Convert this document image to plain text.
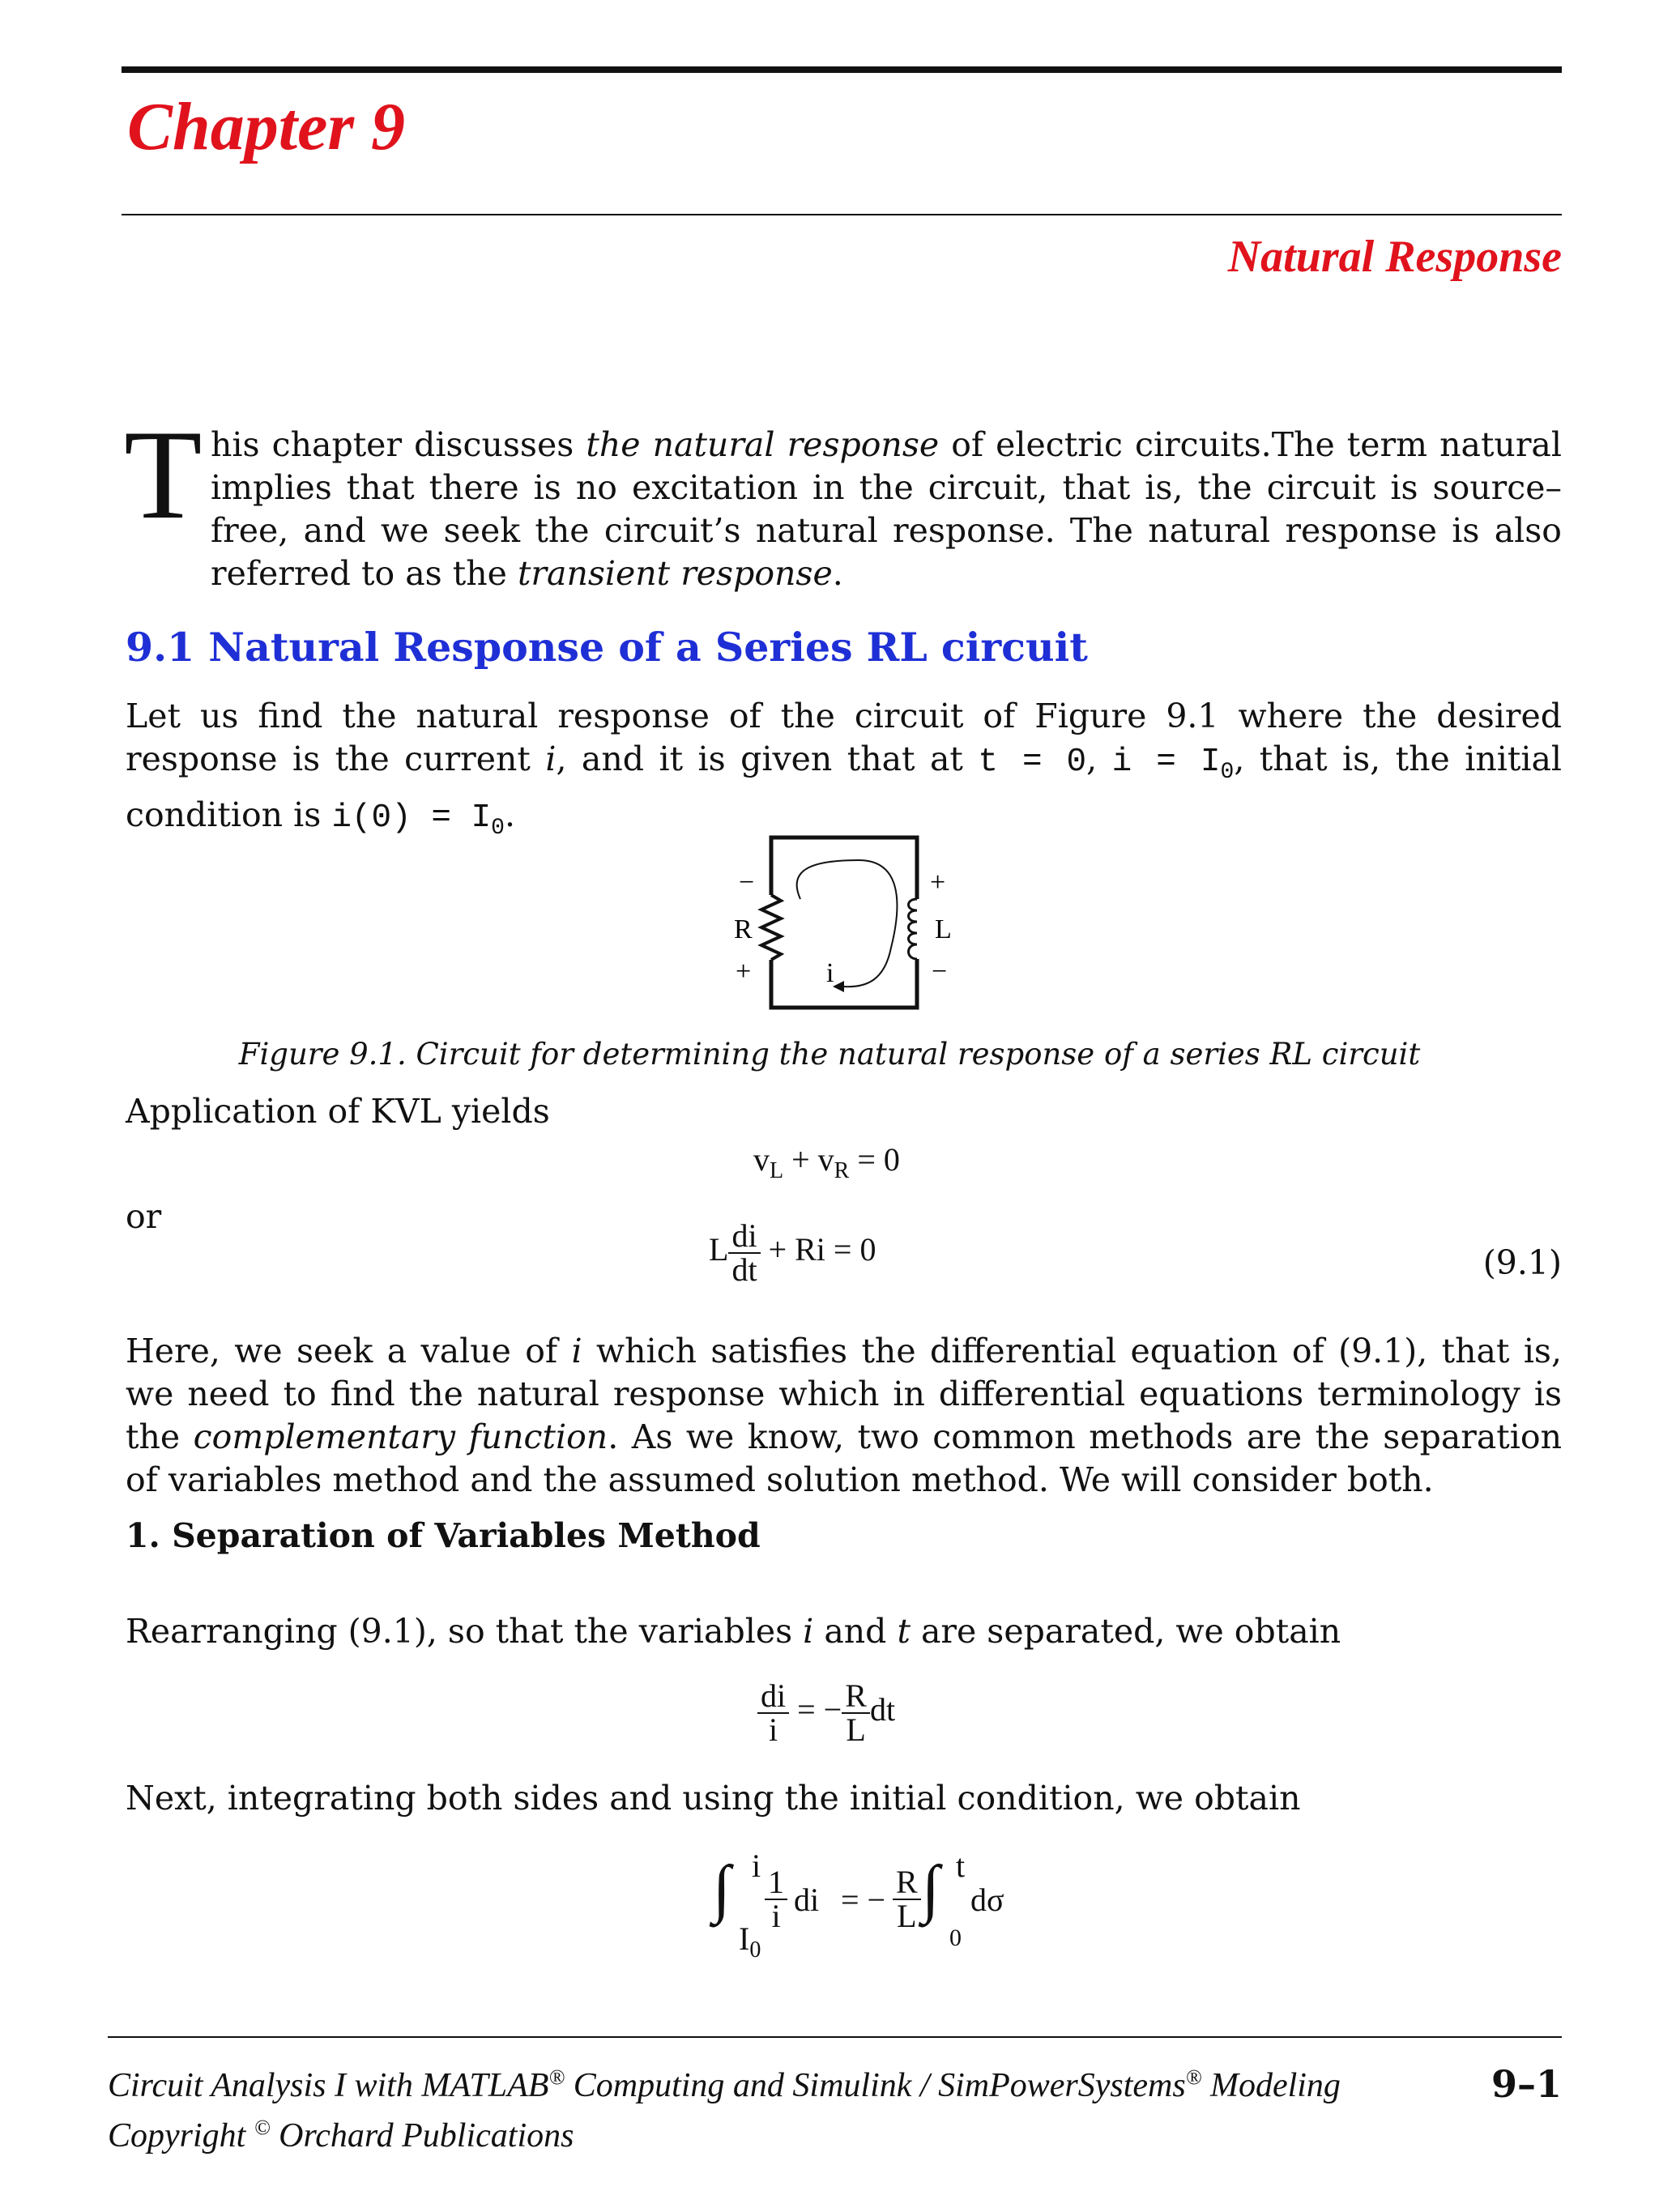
Chapter 9
Natural Response
T his chapter discusses the natural response of electric circuits.The term natural implies that there is no excitation in the circuit, that is, the circuit is source–free, and we seek the circuit’s natural response. The natural response is also referred to as the transient response.
9.1 Natural Response of a Series RL circuit
Let us find the natural response of the circuit of Figure 9.1 where the desired response is the current i, and it is given that at t = 0, $i = I_0$, that is, the initial condition is $i(0) = I_0$.
R
−
+
L
+
−
i
Figure 9.1. Circuit for determining the natural response of a series RL circuit
Application of KVL yields
$v_L + v_R = 0$
or
L $\frac{di}{dt} + Ri = 0$	(9.1)
Here, we seek a value of i which satisfies the differential equation of (9.1), that is, we need to find the natural response which in differential equations terminology is the complementary function. As we know, two common methods are the separation of variables method and the assumed solution method. We will consider both.
1. Separation of Variables Method
Rearranging (9.1), so that the variables i and t are separated, we obtain
$\frac{di}{i}$ = − $\frac{R}{L}$ dt
Next, integrating both sides and using the initial condition, we obtain
∫ i
$I_0$
$\frac{1}{i}$ di = − $\frac{R}{L}$ ∫ t
0
dσ
Circuit Analysis I with MATLAB® Computing and Simulink / SimPowerSystems® Modeling	9–1
Copyright © Orchard Publications
